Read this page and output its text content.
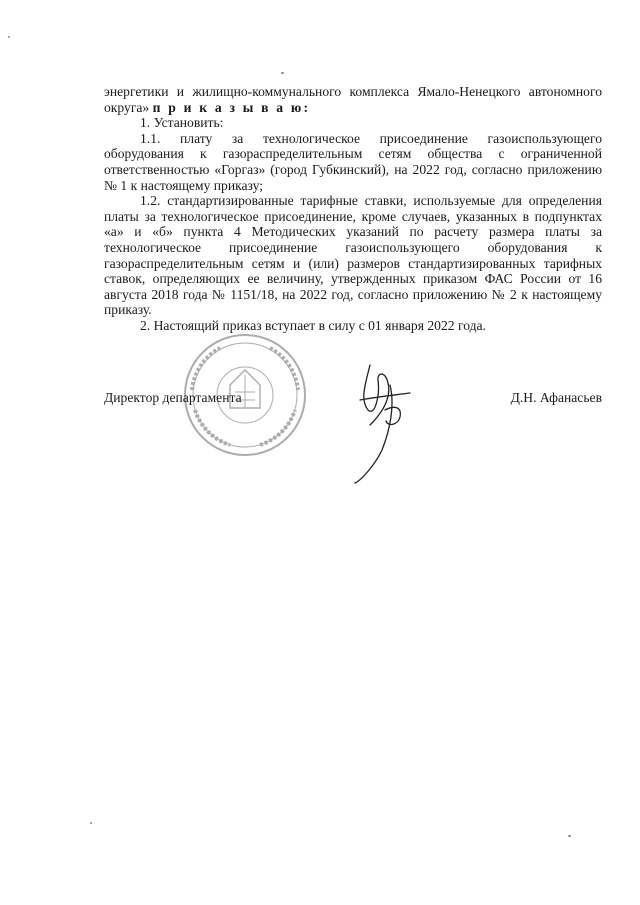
энергетики и жилищно-коммунального комплекса Ямало-Ненецкого автономного округа» п р и к а з ы в а ю:

1. Установить:

1.1. плату за технологическое присоединение газоиспользующего оборудования к газораспределительным сетям общества с ограниченной ответственностью «Горгаз» (город Губкинский), на 2022 год, согласно приложению № 1 к настоящему приказу;

1.2. стандартизированные тарифные ставки, используемые для определения платы за технологическое присоединение, кроме случаев, указанных в подпунктах «а» и «б» пункта 4 Методических указаний по расчету размера платы за технологическое присоединение газоиспользующего оборудования к газораспределительным сетям и (или) размеров стандартизированных тарифных ставок, определяющих ее величину, утвержденных приказом ФАС России от 16 августа 2018 года № 1151/18, на 2022 год, согласно приложению № 2 к настоящему приказу.

2. Настоящий приказ вступает в силу с 01 января 2022 года.

Директор департамента	Д.Н. Афанасьев
